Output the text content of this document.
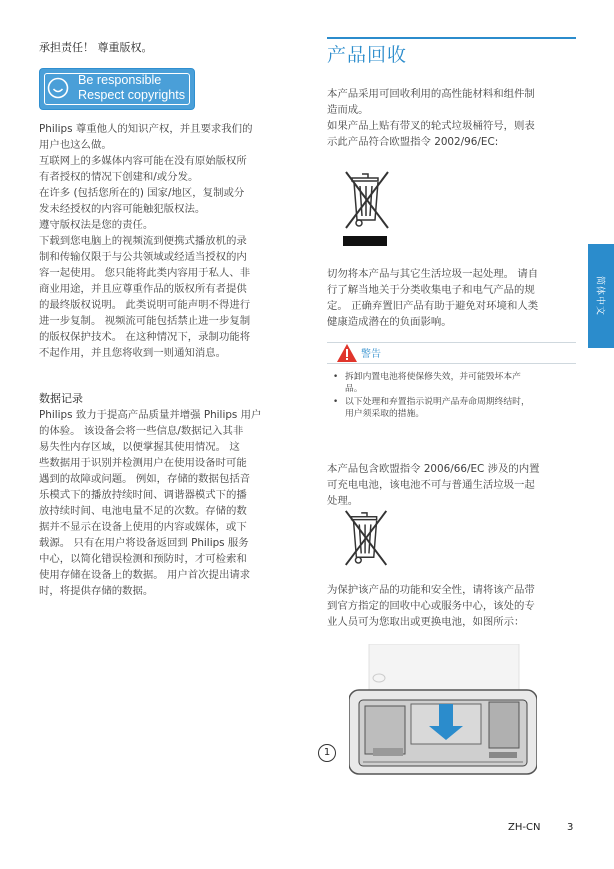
承担责任！ 尊重版权。

Be responsible
Respect copyrights

Philips 尊重他人的知识产权，并且要求我们的
用户也这么做。
互联网上的多媒体内容可能在没有原始版权所
有者授权的情况下创建和/或分发。
在许多 (包括您所在的) 国家/地区，复制或分
发未经授权的内容可能触犯版权法。
遵守版权法是您的责任。
下载到您电脑上的视频流到便携式播放机的录
制和传输仅限于与公共领域或经适当授权的内
容一起使用。 您只能将此类内容用于私人、非
商业用途，并且应尊重作品的版权所有者提供
的最终版权说明。 此类说明可能声明不得进行
进一步复制。 视频流可能包括禁止进一步复制
的版权保护技术。 在这种情况下，录制功能将
不起作用，并且您将收到一则通知消息。

数据记录

Philips 致力于提高产品质量并增强 Philips 用户
的体验。 该设备会将一些信息/数据记入其非
易失性内存区域，以便掌握其使用情况。 这
些数据用于识别并检测用户在使用设备时可能
遇到的故障或问题。 例如，存储的数据包括音
乐模式下的播放持续时间、调谐器模式下的播
放持续时间、电池电量不足的次数。存储的数
据并不显示在设备上使用的内容或媒体，或下
载源。 只有在用户将设备返回到 Philips 服务
中心，以简化错误检测和预防时，才可检索和
使用存储在设备上的数据。 用户首次提出请求
时，将提供存储的数据。

产品回收

本产品采用可回收利用的高性能材料和组件制
造而成。
如果产品上贴有带叉的轮式垃圾桶符号，则表
示此产品符合欧盟指令 2002/96/EC:

切勿将本产品与其它生活垃圾一起处理。 请自
行了解当地关于分类收集电子和电气产品的规
定。 正确弃置旧产品有助于避免对环境和人类
健康造成潜在的负面影响。

警告
• 拆卸内置电池将使保修失效，并可能毁坏本产
品。
• 以下处理和弃置指示说明产品寿命周期终结时，
用户须采取的措施。

本产品包含欧盟指令 2006/66/EC 涉及的内置
可充电电池，该电池不可与普通生活垃圾一起
处理。

为保护该产品的功能和安全性，请将该产品带
到官方指定的回收中心或服务中心，该处的专
业人员可为您取出或更换电池，如图所示：

1
简体中文
ZH-CN	3
